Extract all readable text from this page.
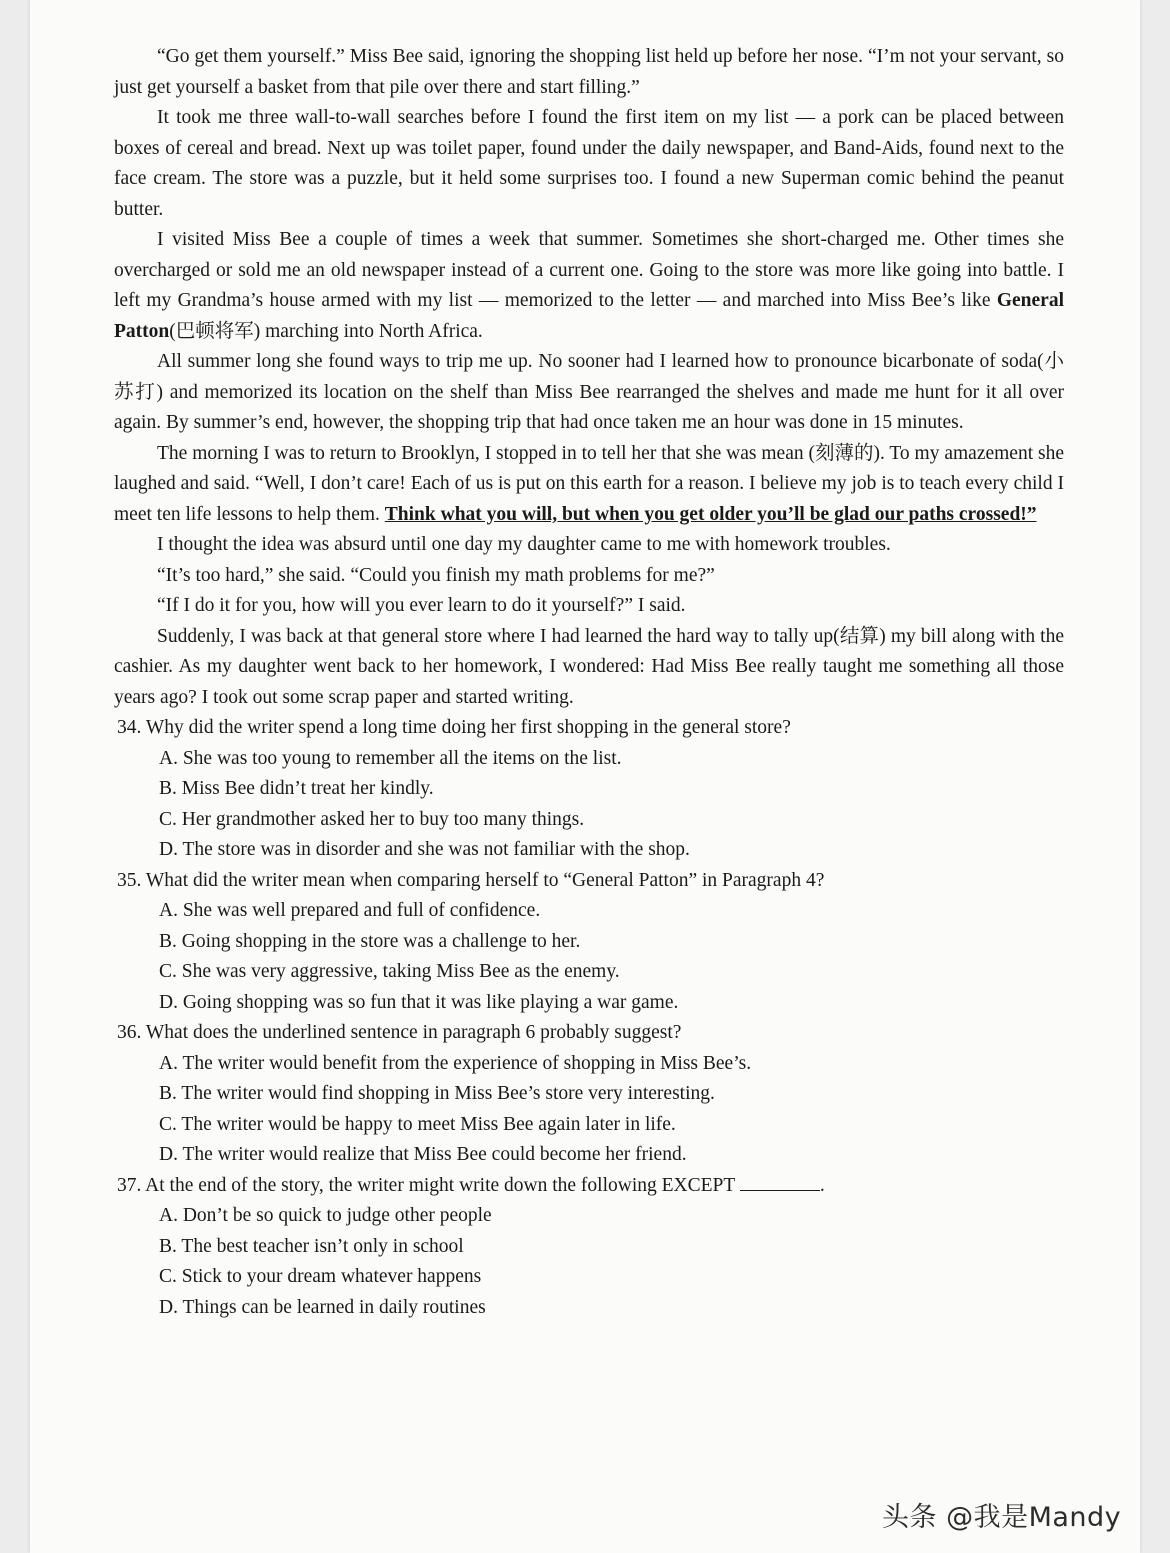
“Go get them yourself.” Miss Bee said, ignoring the shopping list held up before her nose. “I’m not your servant, so just get yourself a basket from that pile over there and start filling.”

It took me three wall-to-wall searches before I found the first item on my list — a pork can be placed between boxes of cereal and bread. Next up was toilet paper, found under the daily newspaper, and Band-Aids, found next to the face cream. The store was a puzzle, but it held some surprises too. I found a new Superman comic behind the peanut butter.

I visited Miss Bee a couple of times a week that summer. Sometimes she short-charged me. Other times she overcharged or sold me an old newspaper instead of a current one. Going to the store was more like going into battle. I left my Grandma’s house armed with my list — memorized to the letter — and marched into Miss Bee’s like General Patton(巴顿将军) marching into North Africa.

All summer long she found ways to trip me up. No sooner had I learned how to pronounce bicarbonate of soda(小苏打) and memorized its location on the shelf than Miss Bee rearranged the shelves and made me hunt for it all over again. By summer’s end, however, the shopping trip that had once taken me an hour was done in 15 minutes.

The morning I was to return to Brooklyn, I stopped in to tell her that she was mean (刻薄的). To my amazement she laughed and said. “Well, I don’t care! Each of us is put on this earth for a reason. I believe my job is to teach every child I meet ten life lessons to help them. Think what you will, but when you get older you’ll be glad our paths crossed!”

I thought the idea was absurd until one day my daughter came to me with homework troubles.

“It’s too hard,” she said. “Could you finish my math problems for me?”

“If I do it for you, how will you ever learn to do it yourself?” I said.

Suddenly, I was back at that general store where I had learned the hard way to tally up(结算) my bill along with the cashier. As my daughter went back to her homework, I wondered: Had Miss Bee really taught me something all those years ago? I took out some scrap paper and started writing.

34. Why did the writer spend a long time doing her first shopping in the general store?

A. She was too young to remember all the items on the list.

B. Miss Bee didn’t treat her kindly.

C. Her grandmother asked her to buy too many things.

D. The store was in disorder and she was not familiar with the shop.

35. What did the writer mean when comparing herself to “General Patton” in Paragraph 4?

A. She was well prepared and full of confidence.

B. Going shopping in the store was a challenge to her.

C. She was very aggressive, taking Miss Bee as the enemy.

D. Going shopping was so fun that it was like playing a war game.

36. What does the underlined sentence in paragraph 6 probably suggest?

A. The writer would benefit from the experience of shopping in Miss Bee’s.

B. The writer would find shopping in Miss Bee’s store very interesting.

C. The writer would be happy to meet Miss Bee again later in life.

D. The writer would realize that Miss Bee could become her friend.

37. At the end of the story, the writer might write down the following EXCEPT	.

A. Don’t be so quick to judge other people

B. The best teacher isn’t only in school

C. Stick to your dream whatever happens

D. Things can be learned in daily routines

头条 @我是Mandy
